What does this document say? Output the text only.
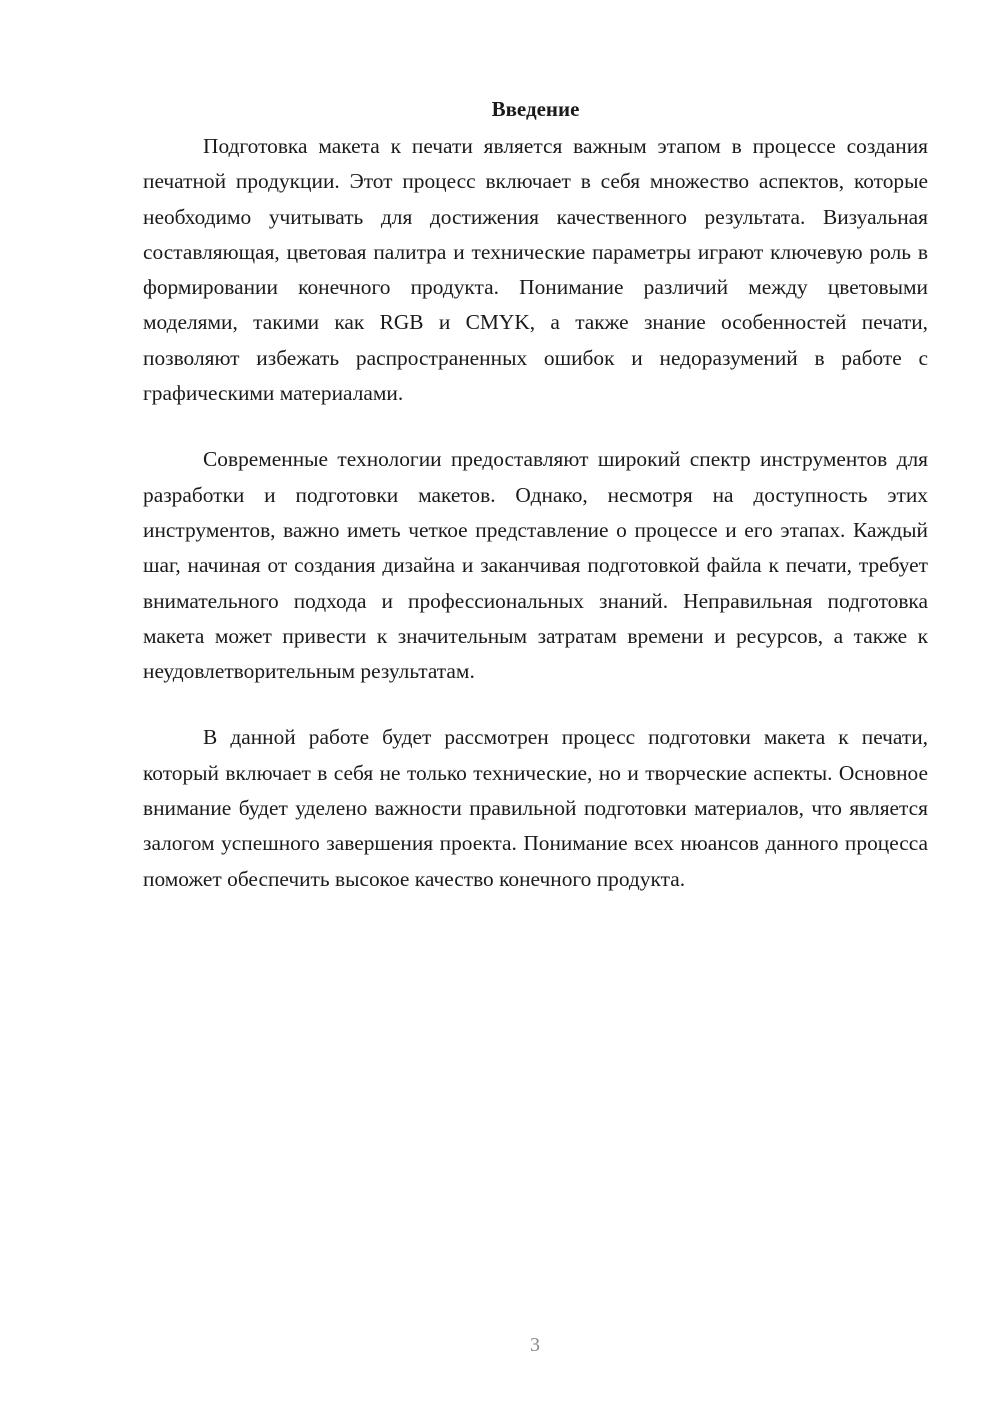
Введение

Подготовка макета к печати является важным этапом в процессе создания печатной продукции. Этот процесс включает в себя множество аспектов, которые необходимо учитывать для достижения качественного результата. Визуальная составляющая, цветовая палитра и технические параметры играют ключевую роль в формировании конечного продукта. Понимание различий между цветовыми моделями, такими как RGB и CMYK, а также знание особенностей печати, позволяют избежать распространенных ошибок и недоразумений в работе с графическими материалами.

Современные технологии предоставляют широкий спектр инструментов для разработки и подготовки макетов. Однако, несмотря на доступность этих инструментов, важно иметь четкое представление о процессе и его этапах. Каждый шаг, начиная от создания дизайна и заканчивая подготовкой файла к печати, требует внимательного подхода и профессиональных знаний. Неправильная подготовка макета может привести к значительным затратам времени и ресурсов, а также к неудовлетворительным результатам.

В данной работе будет рассмотрен процесс подготовки макета к печати, который включает в себя не только технические, но и творческие аспекты. Основное внимание будет уделено важности правильной подготовки материалов, что является залогом успешного завершения проекта. Понимание всех нюансов данного процесса поможет обеспечить высокое качество конечного продукта.

3
